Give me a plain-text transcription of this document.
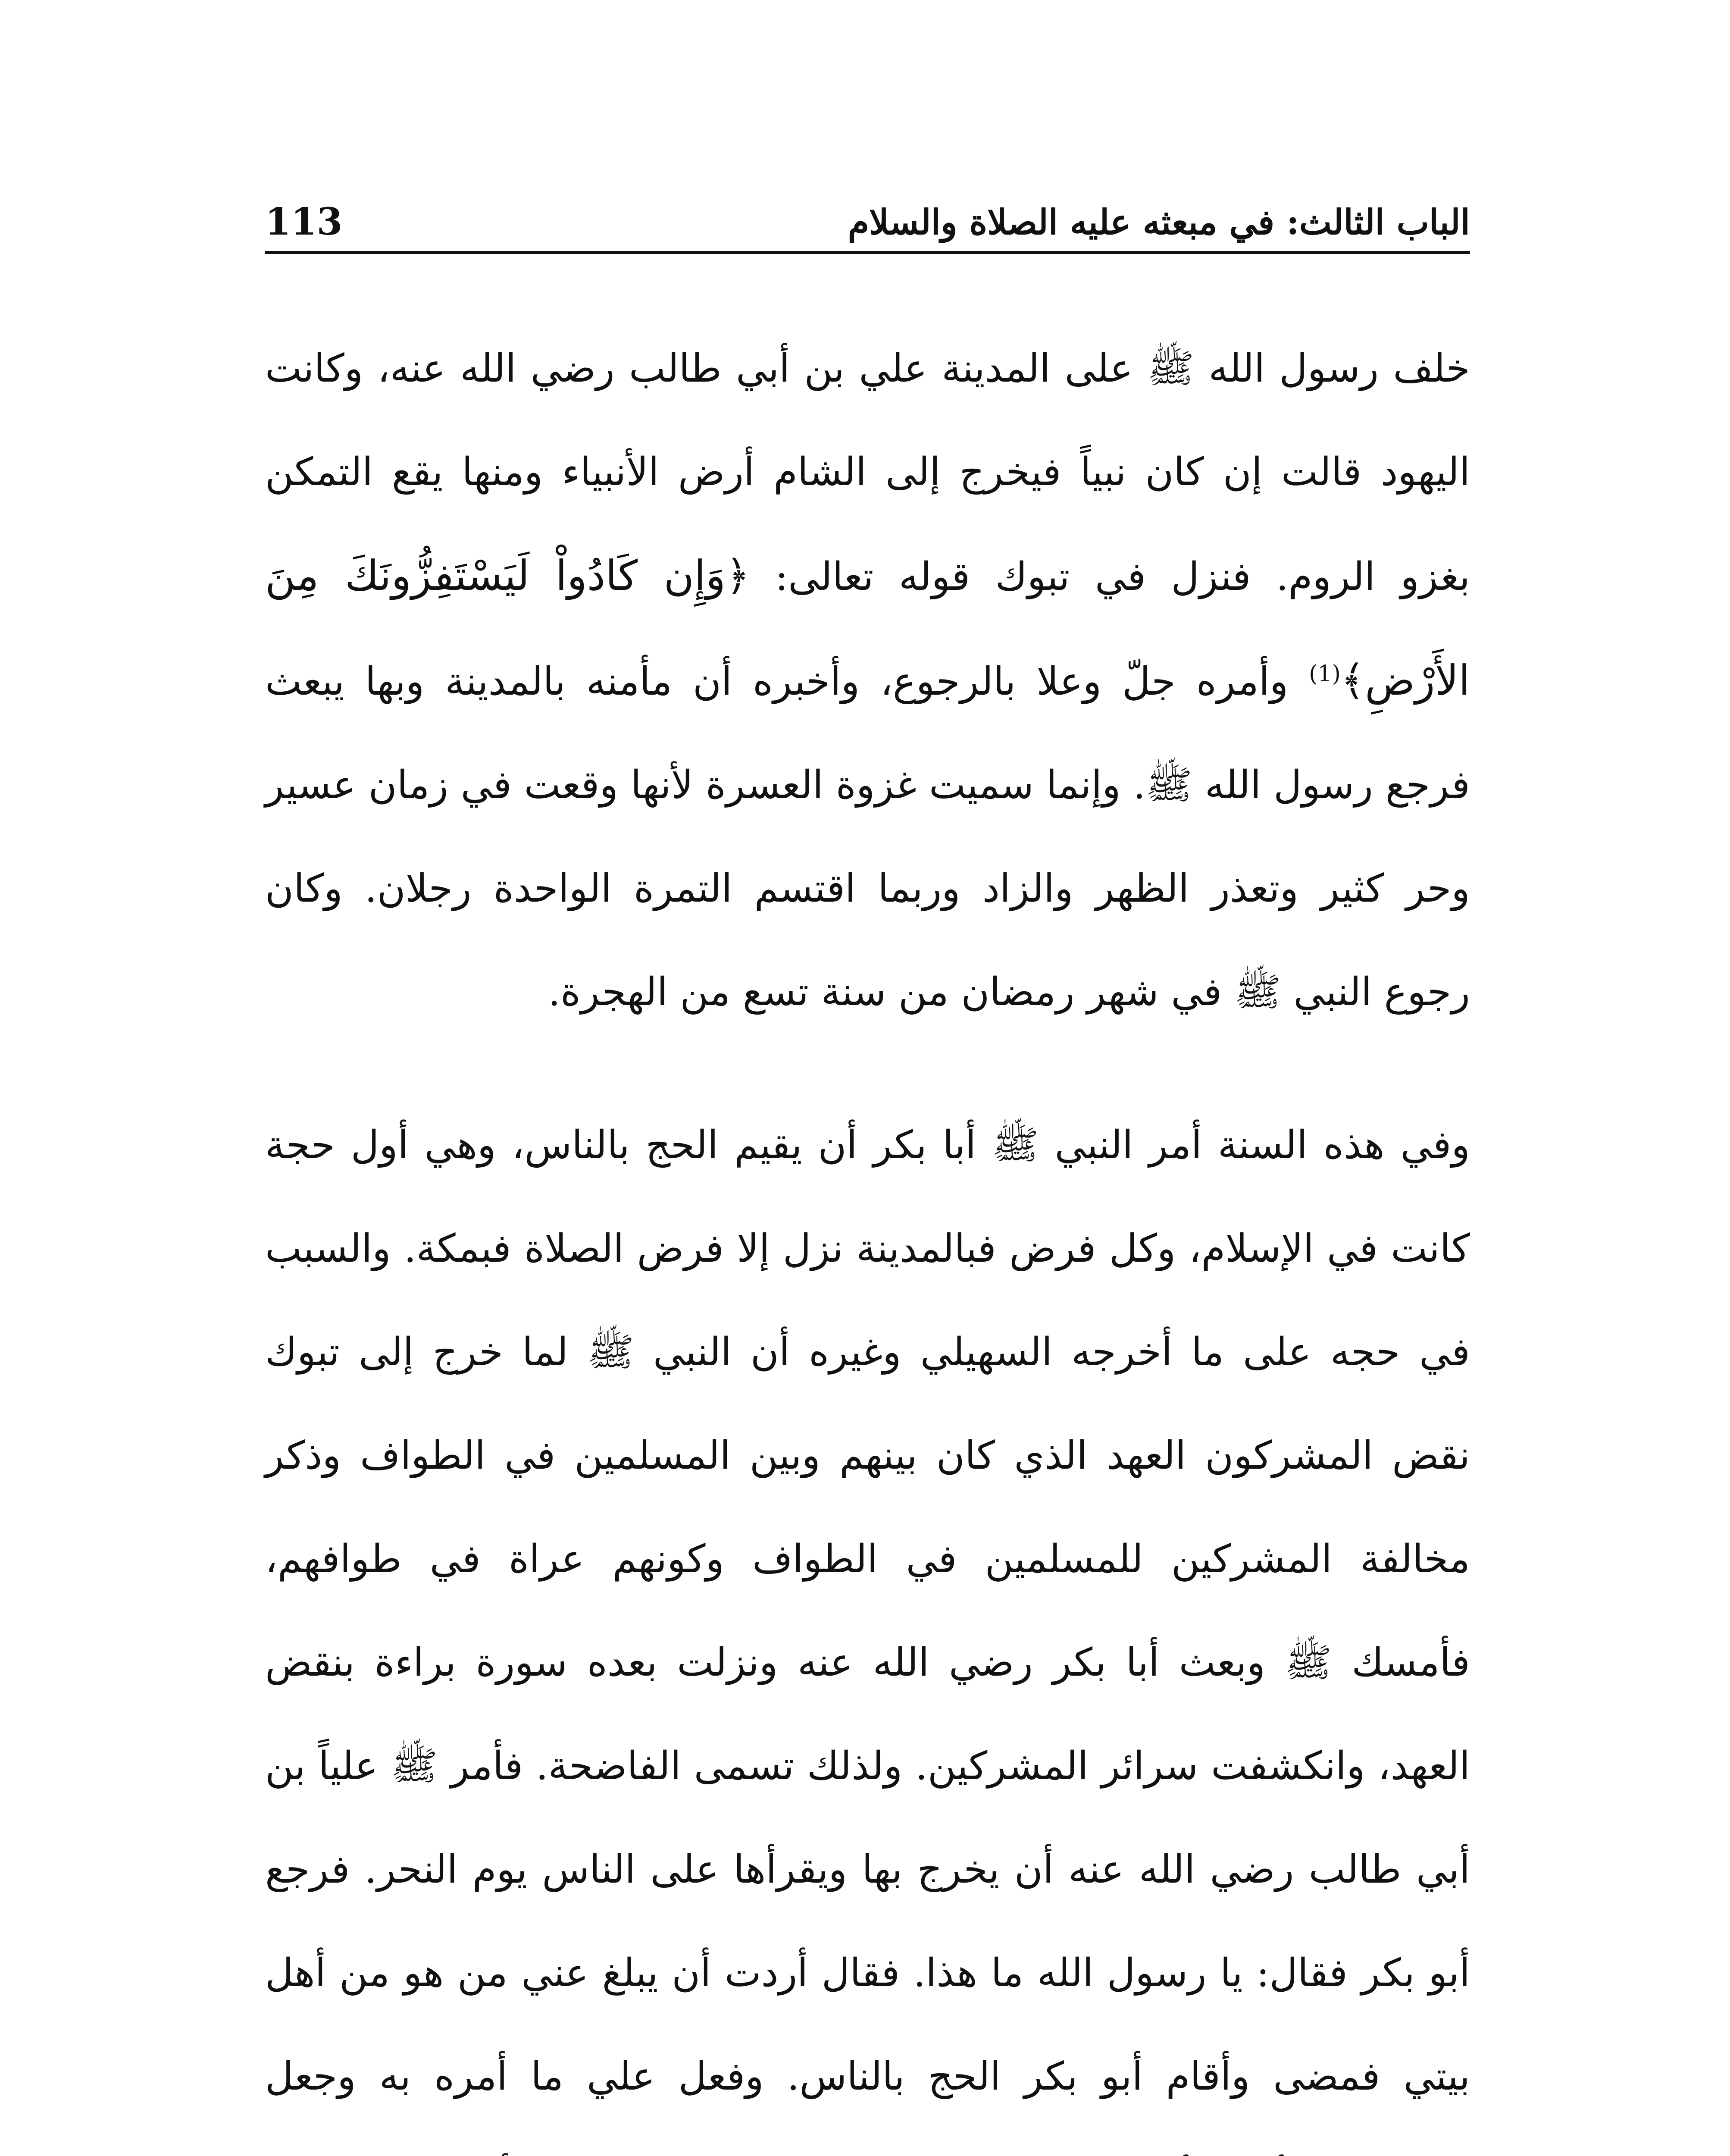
113	الباب الثالث: في مبعثه عليه الصلاة والسلام

خلف رسول الله ﷺ على المدينة علي بن أبي طالب رضي الله عنه، وكانت اليهود قالت إن كان نبياً فيخرج إلى الشام أرض الأنبياء ومنها يقع التمكن بغزو الروم. فنزل في تبوك قوله تعالى: ﴿وَإِن كَادُواْ لَيَسْتَفِزُّونَكَ مِنَ الأَرْضِ﴾$^{(1)}$ وأمره جلّ وعلا بالرجوع، وأخبره أن مأمنه بالمدينة وبها يبعث فرجع رسول الله ﷺ. وإنما سميت غزوة العسرة لأنها وقعت في زمان عسير وحر كثير وتعذر الظهر والزاد وربما اقتسم التمرة الواحدة رجلان. وكان رجوع النبي ﷺ في شهر رمضان من سنة تسع من الهجرة.

وفي هذه السنة أمر النبي ﷺ أبا بكر أن يقيم الحج بالناس، وهي أول حجة كانت في الإسلام، وكل فرض فبالمدينة نزل إلا فرض الصلاة فبمكة. والسبب في حجه على ما أخرجه السهيلي وغيره أن النبي ﷺ لما خرج إلى تبوك نقض المشركون العهد الذي كان بينهم وبين المسلمين في الطواف وذكر مخالفة المشركين للمسلمين في الطواف وكونهم عراة في طوافهم، فأمسك ﷺ وبعث أبا بكر رضي الله عنه ونزلت بعده سورة براءة بنقض العهد، وانكشفت سرائر المشركين. ولذلك تسمى الفاضحة. فأمر ﷺ علياً بن أبي طالب رضي الله عنه أن يخرج بها ويقرأها على الناس يوم النحر. فرجع أبو بكر فقال: يا رسول الله ما هذا. فقال أردت أن يبلغ عني من هو من أهل بيتي فمضى وأقام أبو بكر الحج بالناس. وفعل علي ما أمره به وجعل
